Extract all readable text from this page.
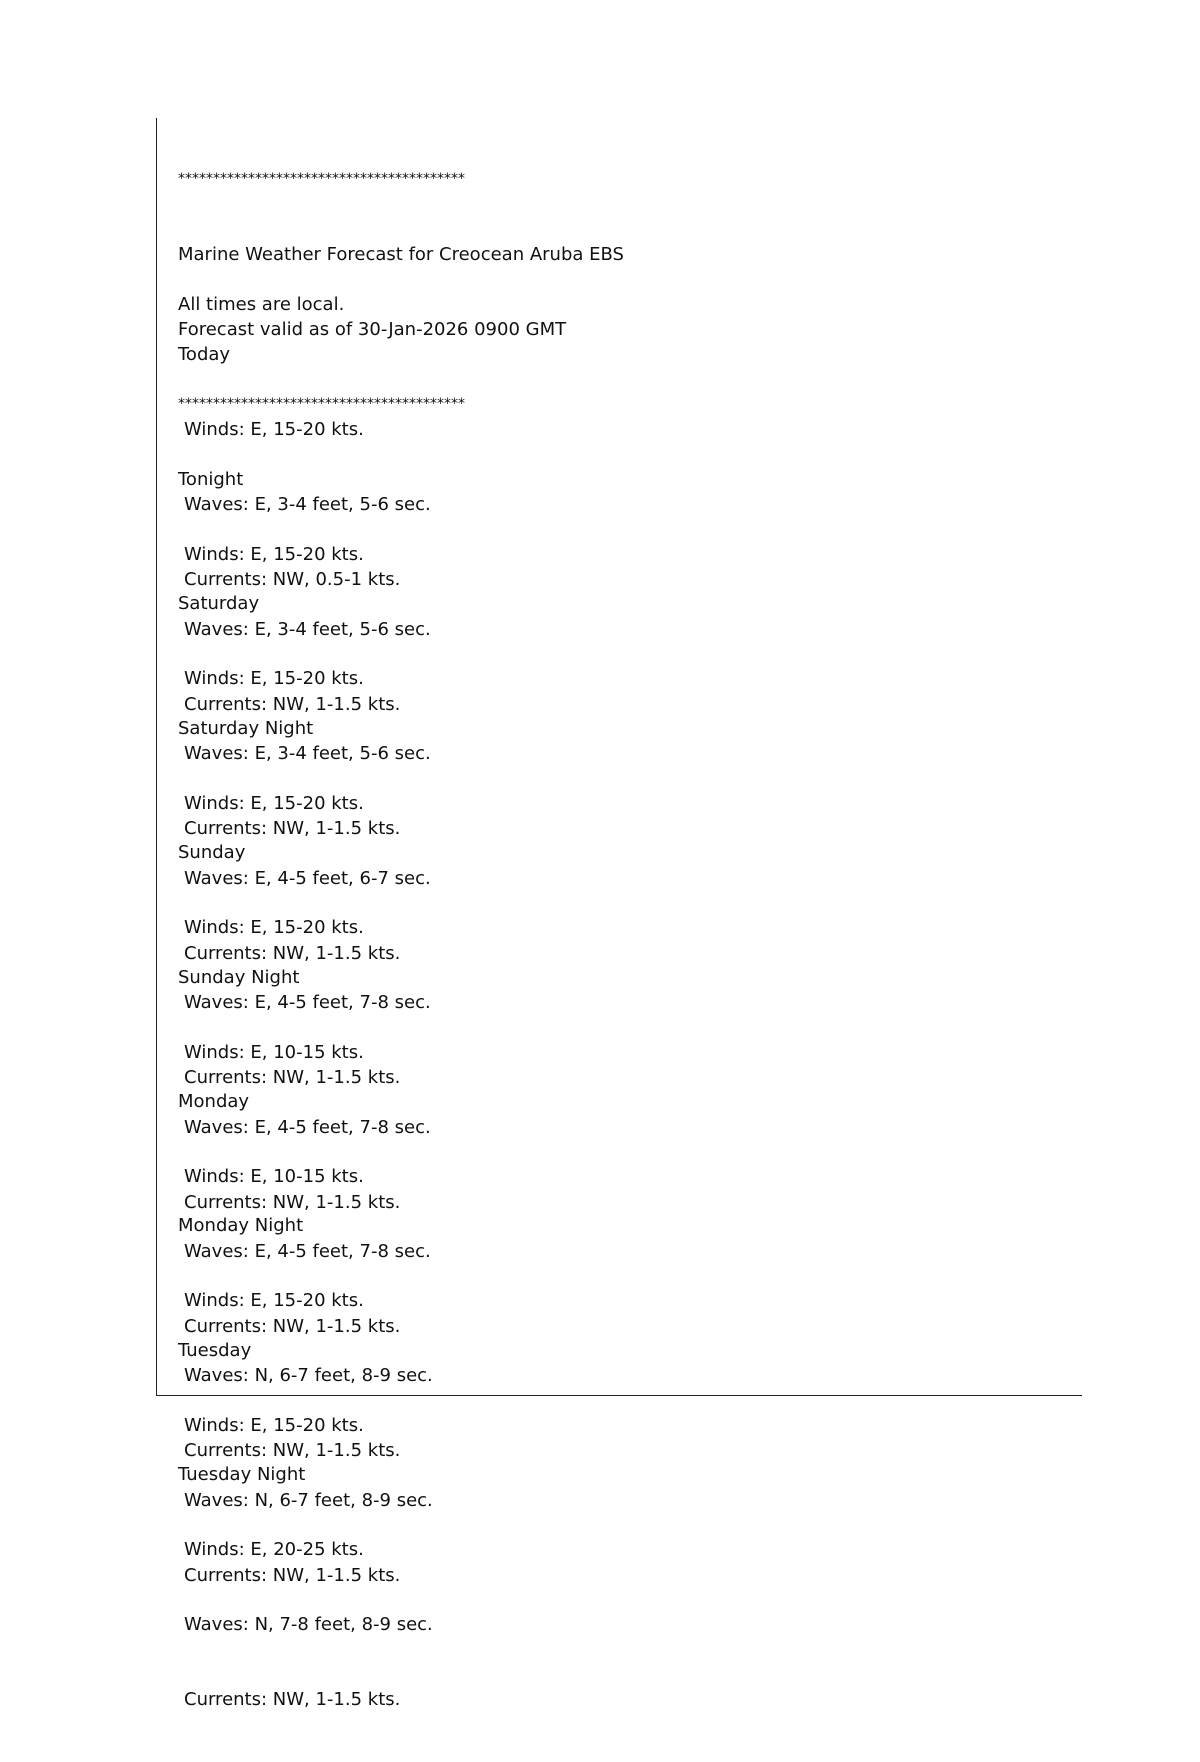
*****************************************

Marine Weather Forecast for Creocean Aruba EBS

Forecast valid as of 30-Jan-2026 0900 GMT

*****************************************

All times are local.

Today

Winds: E, 15-20 kts.

Waves: E, 3-4 feet, 5-6 sec.

Currents: NW, 0.5-1 kts.

Tonight

Winds: E, 15-20 kts.

Waves: E, 3-4 feet, 5-6 sec.

Currents: NW, 1-1.5 kts.

Saturday

Winds: E, 15-20 kts.

Waves: E, 3-4 feet, 5-6 sec.

Currents: NW, 1-1.5 kts.

Saturday Night

Winds: E, 15-20 kts.

Waves: E, 4-5 feet, 6-7 sec.

Currents: NW, 1-1.5 kts.

Sunday

Winds: E, 15-20 kts.

Waves: E, 4-5 feet, 7-8 sec.

Currents: NW, 1-1.5 kts.

Sunday Night

Winds: E, 10-15 kts.

Waves: E, 4-5 feet, 7-8 sec.

Currents: NW, 1-1.5 kts.

Monday

Winds: E, 10-15 kts.

Waves: E, 4-5 feet, 7-8 sec.

Currents: NW, 1-1.5 kts.

Monday Night

Winds: E, 15-20 kts.

Waves: N, 6-7 feet, 8-9 sec.

Currents: NW, 1-1.5 kts.

Tuesday

Winds: E, 15-20 kts.

Waves: N, 6-7 feet, 8-9 sec.

Currents: NW, 1-1.5 kts.

Tuesday Night

Winds: E, 20-25 kts.

Waves: N, 7-8 feet, 8-9 sec.

Currents: NW, 1-1.5 kts.
